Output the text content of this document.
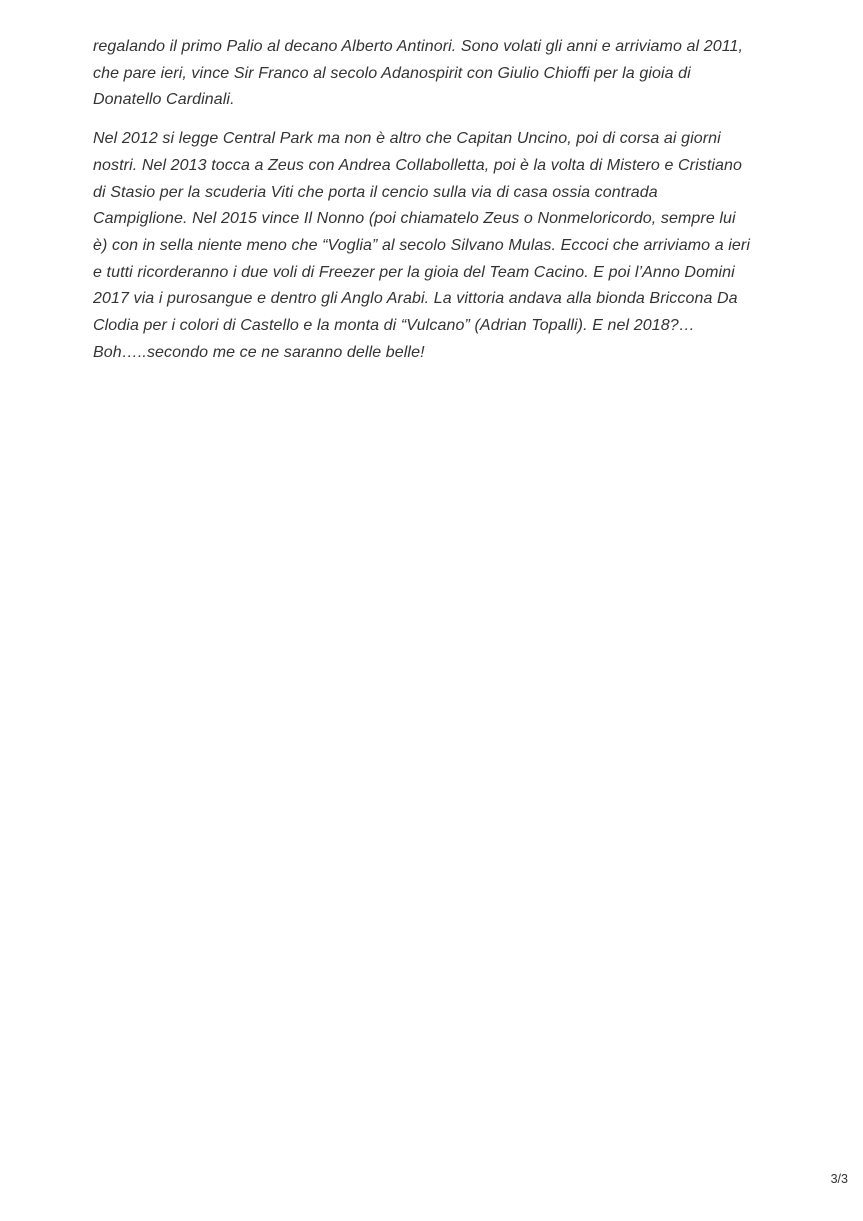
regalando il primo Palio al decano Alberto Antinori. Sono volati gli anni e arriviamo al 2011,
che pare ieri, vince Sir Franco al secolo Adanospirit con Giulio Chioffi per la gioia di
Donatello Cardinali.

Nel 2012 si legge Central Park ma non è altro che Capitan Uncino, poi di corsa ai giorni
nostri. Nel 2013 tocca a Zeus con Andrea Collabolletta, poi è la volta di Mistero e Cristiano
di Stasio per la scuderia Viti che porta il cencio sulla via di casa ossia contrada
Campiglione. Nel 2015 vince Il Nonno (poi chiamatelo Zeus o Nonmeloricordo, sempre lui
è) con in sella niente meno che “Voglia” al secolo Silvano Mulas. Eccoci che arriviamo a ieri
e tutti ricorderanno i due voli di Freezer per la gioia del Team Cacino. E poi l’Anno Domini
2017 via i purosangue e dentro gli Anglo Arabi. La vittoria andava alla bionda Briccona Da
Clodia per i colori di Castello e la monta di “Vulcano” (Adrian Topalli). E nel 2018?…
Boh…..secondo me ce ne saranno delle belle!

3/3
